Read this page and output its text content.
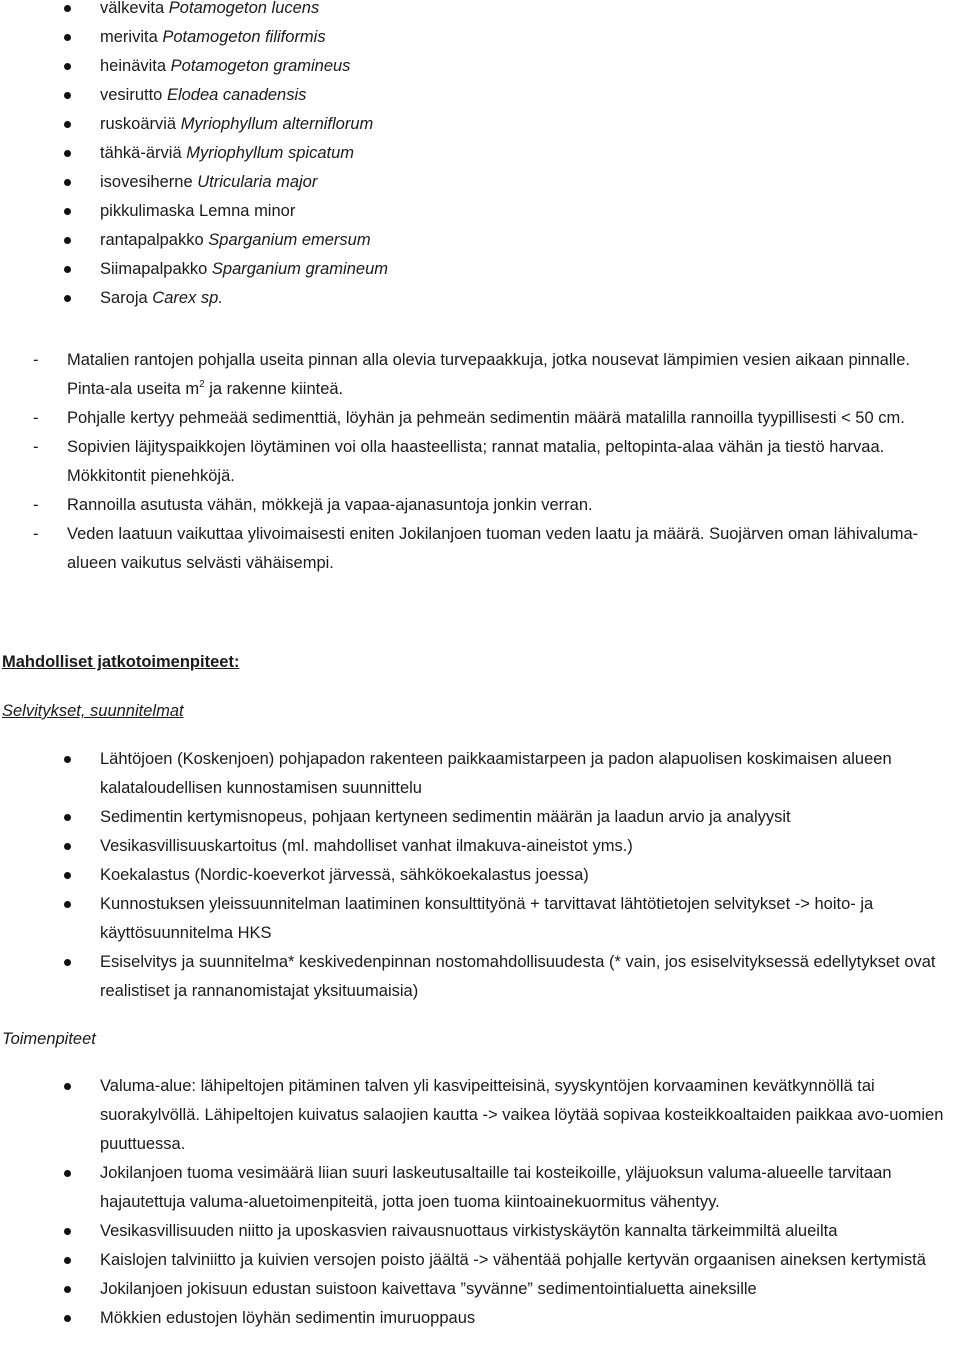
välkevita Potamogeton lucens
merivita Potamogeton filiformis
heinävita Potamogeton gramineus
vesirutto Elodea canadensis
ruskoärviä Myriophyllum alterniflorum
tähkä-ärviä Myriophyllum spicatum
isovesiherne Utricularia major
pikkulimaska Lemna minor
rantapalpakko Sparganium emersum
Siimapalpakko Sparganium gramineum
Saroja Carex sp.
- Matalien rantojen pohjalla useita pinnan alla olevia turvepaakkuja, jotka nousevat lämpimien vesien aikaan pinnalle. Pinta-ala useita $m^2$ ja rakenne kiinteä.
- Pohjalle kertyy pehmeää sedimenttiä, löyhän ja pehmeän sedimentin määrä matalilla rannoilla tyypillisesti < 50 cm.
- Sopivien läjityspaikkojen löytäminen voi olla haasteellista; rannat matalia, peltopinta-alaa vähän ja tiestö harvaa. Mökkitontit pienehköjä.
- Rannoilla asutusta vähän, mökkejä ja vapaa-ajanasuntoja jonkin verran.
- Veden laatuun vaikuttaa ylivoimaisesti eniten Jokilanjoen tuoman veden laatu ja määrä. Suojärven oman lähivaluma-alueen vaikutus selvästi vähäisempi.
Mahdolliset jatkotoimenpiteet:
Selvitykset, suunnitelmat
Lähtöjoen (Koskenjoen) pohjapadon rakenteen paikkaamistarpeen ja padon alapuolisen koskimaisen alueen kalataloudellisen kunnostamisen suunnittelu
Sedimentin kertymisnopeus, pohjaan kertyneen sedimentin määrän ja laadun arvio ja analyysit
Vesikasvillisuuskartoitus (ml. mahdolliset vanhat ilmakuva-aineistot yms.)
Koekalastus (Nordic-koeverkot järvessä, sähkökoekalastus joessa)
Kunnostuksen yleissuunnitelman laatiminen konsulttityönä + tarvittavat lähtötietojen selvitykset -> hoito- ja käyttösuunnitelma HKS
Esiselvitys ja suunnitelma* keskivedenpinnan nostomahdollisuudesta (* vain, jos esiselvityksessä edellytykset ovat realistiset ja rannanomistajat yksituumaisia)
Toimenpiteet
Valuma-alue: lähipeltojen pitäminen talven yli kasvipeitteisinä, syyskyntöjen korvaaminen kevätkynnöllä tai suorakylvöllä. Lähipeltojen kuivatus salaojien kautta -> vaikea löytää sopivaa kosteikkoaltaiden paikkaa avo-uomien puuttuessa.
Jokilanjoen tuoma vesimäärä liian suuri laskeutusaltaille tai kosteikoille, yläjuoksun valuma-alueelle tarvitaan hajautettuja valuma-aluetoimenpiteitä, jotta joen tuoma kiintoainekuormitus vähentyy.
Vesikasvillisuuden niitto ja uposkasvien raivausnuottaus virkistyskäytön kannalta tärkeimmiltä alueilta
Kaislojen talviniitto ja kuivien versojen poisto jäältä -> vähentää pohjalle kertyvän orgaanisen aineksen kertymistä
Jokilanjoen jokisuun edustan suistoon kaivettava ”syvänne” sedimentointialuetta aineksille
Mökkien edustojen löyhän sedimentin imuruoppaus
